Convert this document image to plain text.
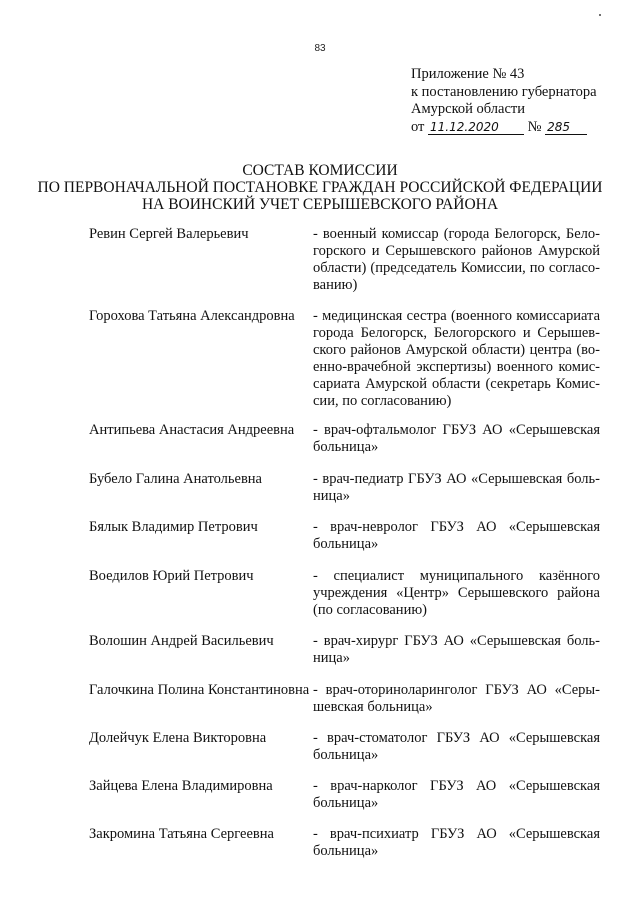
83
Приложение № 43
к постановлению губернатора
Амурской области
от 11.12.2020 № 285
СОСТАВ КОМИССИИ
ПО ПЕРВОНАЧАЛЬНОЙ ПОСТАНОВКЕ ГРАЖДАН РОССИЙСКОЙ ФЕДЕРАЦИИ
НА ВОИНСКИЙ УЧЕТ СЕРЫШЕВСКОГО РАЙОНА
Ревин Сергей Валерьевич	- военный комиссар (города Белогорск, Белогорского и Серышевского районов Амурской области) (председатель Комиссии, по согласованию)
Горохова Татьяна Александровна	- медицинская сестра (военного комиссариата города Белогорск, Белогорского и Серышевского районов Амурской области) центра (военно-врачебной экспертизы) военного комиссариата Амурской области (секретарь Комиссии, по согласованию)
Антипьева Анастасия Андреевна	- врач-офтальмолог ГБУЗ АО «Серышевская больница»
Бубело Галина Анатольевна	- врач-педиатр ГБУЗ АО «Серышевская больница»
Бялык Владимир Петрович	- врач-невролог ГБУЗ АО «Серышевская больница»
Воедилов Юрий Петрович	- специалист муниципального казённого учреждения «Центр» Серышевского района (по согласованию)
Волошин Андрей Васильевич	- врач-хирург ГБУЗ АО «Серышевская больница»
Галочкина Полина Константиновна - врач-оториноларинголог ГБУЗ АО «Серышевская больница»
Долейчук Елена Викторовна	- врач-стоматолог ГБУЗ АО «Серышевская больница»
Зайцева Елена Владимировна	- врач-нарколог ГБУЗ АО «Серышевская больница»
Закромина Татьяна Сергеевна	- врач-психиатр ГБУЗ АО «Серышевская больница»
